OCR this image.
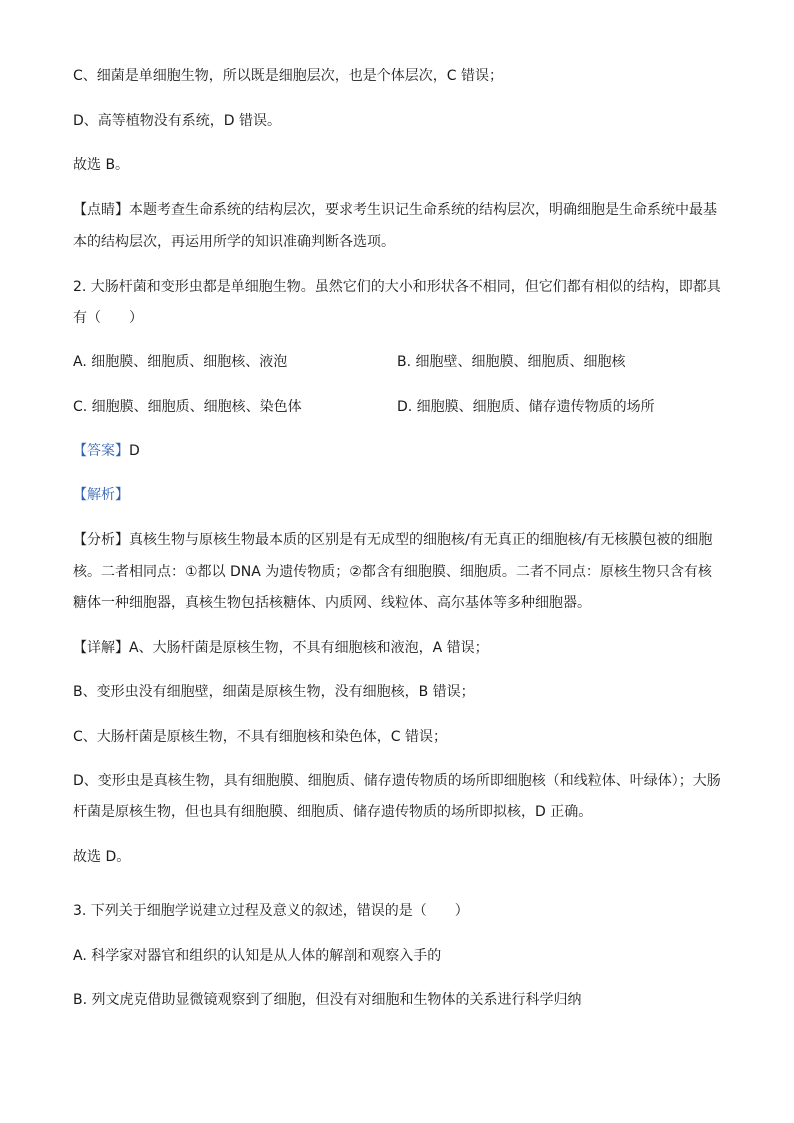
C、细菌是单细胞生物，所以既是细胞层次，也是个体层次，C 错误；
D、高等植物没有系统，D 错误。
故选 B。
【点睛】本题考查生命系统的结构层次，要求考生识记生命系统的结构层次，明确细胞是生命系统中最基
本的结构层次，再运用所学的知识准确判断各选项。
2. 大肠杆菌和变形虫都是单细胞生物。虽然它们的大小和形状各不相同，但它们都有相似的结构，即都具
有（　　）
A. 细胞膜、细胞质、细胞核、液泡	B. 细胞壁、细胞膜、细胞质、细胞核
C. 细胞膜、细胞质、细胞核、染色体	D. 细胞膜、细胞质、储存遗传物质的场所
【答案】D
【解析】
【分析】真核生物与原核生物最本质的区别是有无成型的细胞核/有无真正的细胞核/有无核膜包被的细胞
核。二者相同点：①都以 DNA 为遗传物质；②都含有细胞膜、细胞质。二者不同点：原核生物只含有核
糖体一种细胞器，真核生物包括核糖体、内质网、线粒体、高尔基体等多种细胞器。
【详解】A、大肠杆菌是原核生物，不具有细胞核和液泡，A 错误；
B、变形虫没有细胞壁，细菌是原核生物，没有细胞核，B 错误；
C、大肠杆菌是原核生物，不具有细胞核和染色体，C 错误；
D、变形虫是真核生物，具有细胞膜、细胞质、储存遗传物质的场所即细胞核（和线粒体、叶绿体）；大肠
杆菌是原核生物，但也具有细胞膜、细胞质、储存遗传物质的场所即拟核，D 正确。
故选 D。
3. 下列关于细胞学说建立过程及意义的叙述，错误的是（　　）
A. 科学家对器官和组织的认知是从人体的解剖和观察入手的
B. 列文虎克借助显微镜观察到了细胞，但没有对细胞和生物体的关系进行科学归纳
